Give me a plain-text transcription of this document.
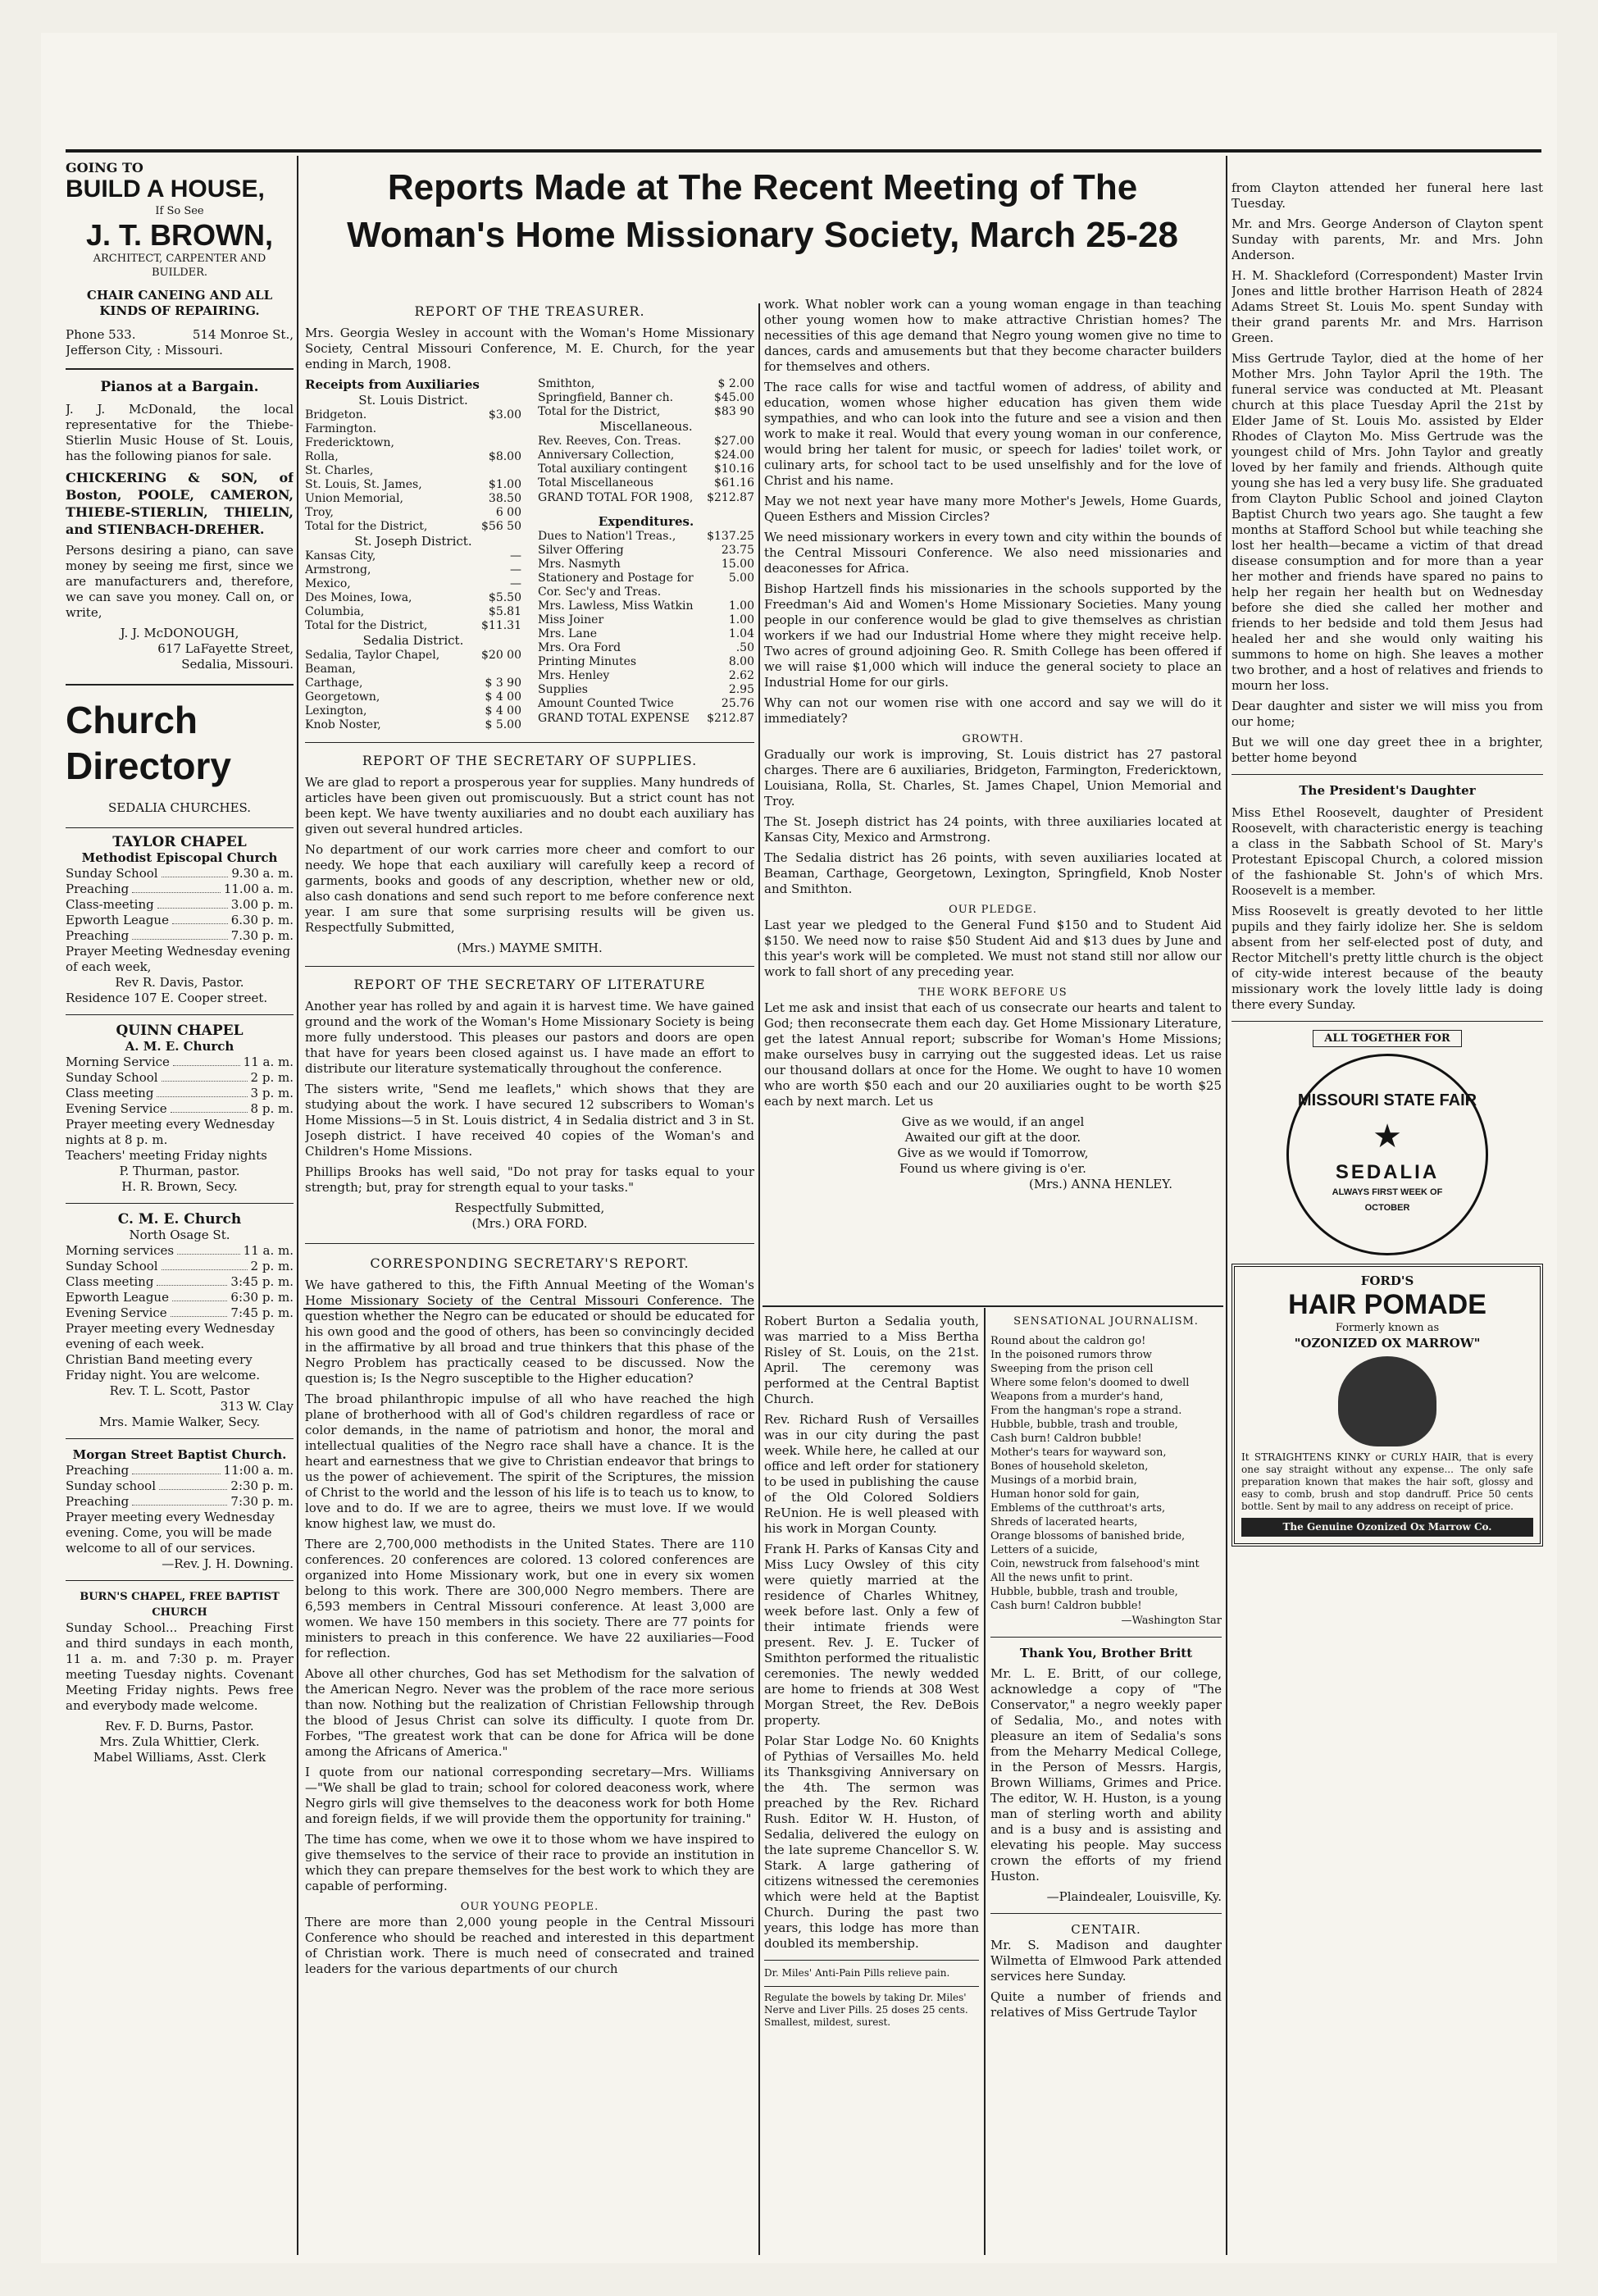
Reports Made at The Recent Meeting of The Woman's Home Missionary Society, March 25-28
GOING TO
BUILD A HOUSE,
If So See
J. T. BROWN,
ARCHITECT, CARPENTER AND BUILDER.
CHAIR CANEING AND ALL KINDS OF REPAIRING.
Phone 533.	514 Monroe St.,
Jefferson City, : Missouri.
Pianos at a Bargain.

J. J. McDonald, the local representative for the Thiebe-Stierlin Music House of St. Louis, has the following pianos for sale.

CHICKERING & SON, of Boston, POOLE, CAMERON, THIEBE-STIERLIN, THIELIN, and STIENBACH-DREHER.

Persons desiring a piano, can save money by seeing me first, since we are manufacturers and, therefore, we can save you money. Call on, or write,

J. J. McDONOUGH,
617 LaFayette Street,
Sedalia, Missouri.
Church
Directory
SEDALIA CHURCHES.
TAYLOR CHAPEL
Methodist Episcopal Church
Sunday School	9.30 a. m.
Preaching	11.00 a. m.
Class-meeting	3.00 p. m.
Epworth League	6.30 p. m.
Preaching	7.30 p. m.
Prayer Meeting Wednesday evening of each week,
Rev R. Davis, Pastor.
Residence 107 E. Cooper street.
QUINN CHAPEL
A. M. E. Church
Morning Service	11 a. m.
Sunday School	2 p. m.
Class meeting	3 p. m.
Evening Service	8 p. m.
Prayer meeting every Wednesday nights at 8 p. m.
Teachers' meeting Friday nights
P. Thurman, pastor.
H. R. Brown, Secy.
C. M. E. Church
North Osage St.
Morning services	11 a. m.
Sunday School	2 p. m.
Class meeting	3:45 p. m.
Epworth League	6:30 p. m.
Evening Service	7:45 p. m.
Prayer meeting every Wednesday evening of each week.
Christian Band meeting every Friday night. You are welcome.
Rev. T. L. Scott, Pastor
313 W. Clay
Mrs. Mamie Walker, Secy.
Morgan Street Baptist Church.
Preaching	11:00 a. m.
Sunday school	2:30 p. m.
Preaching	7:30 p. m.
Prayer meeting every Wednesday evening. Come, you will be made welcome to all of our services.
—Rev. J. H. Downing.
BURN'S CHAPEL, FREE BAPTIST CHURCH

Sunday School... Preaching First and third sundays in each month, 11 a. m. and 7:30 p. m. Prayer meeting Tuesday nights. Covenant Meeting Friday nights. Pews free and everybody made welcome.

Rev. F. D. Burns, Pastor.
Mrs. Zula Whittier, Clerk.
Mabel Williams, Asst. Clerk
REPORT OF THE TREASURER.

Mrs. Georgia Wesley in account with the Woman's Home Missionary Society, Central Missouri Conference, M. E. Church, for the year ending in March, 1908.

Receipts from Auxiliaries
St. Louis District.
Bridgeton.	$3.00
Farmington.	
Fredericktown,	
Rolla,	$8.00
St. Charles,	
St. Louis, St. James,	$1.00
Union Memorial,	38.50
Troy,	6 00
Total for the District,	$56 50
St. Joseph District.
Kansas City,	—
Armstrong,	—
Mexico,	—
Des Moines, Iowa,	$5.50
Columbia,	$5.81
Total for the District,	$11.31
Sedalia District.
Sedalia, Taylor Chapel,	$20 00
Beaman,	
Carthage,	$ 3 90
Georgetown,	$ 4 00
Lexington,	$ 4 00
Knob Noster,	$ 5.00
Smithton,	$ 2.00
Springfield, Banner ch.	$45.00
Total for the District,	$83 90
Miscellaneous.
Rev. Reeves, Con. Treas.	$27.00
Anniversary Collection,	$24.00
Total auxiliary contingent	$10.16
Total Miscellaneous	$61.16
GRAND TOTAL FOR 1908, $212.87
Expenditures.
Dues to Nation'l Treas.,	$137.25
Silver Offering	23.75
Mrs. Nasmyth	15.00
Stationery and Postage for Cor. Sec'y and Treas.	5.00
Mrs. Lawless, Miss Watkin	1.00
Miss Joiner	1.00
Mrs. Lane	1.04
Mrs. Ora Ford	.50
Printing Minutes	8.00
Mrs. Henley	2.62
Supplies	2.95
Amount Counted Twice	25.76
GRAND TOTAL EXPENSE $212.87
REPORT OF THE SECRETARY OF SUPPLIES.

We are glad to report a prosperous year for supplies. Many hundreds of articles have been given out promiscuously. But a strict count has not been kept. We have twenty auxiliaries and no doubt each auxiliary has given out several hundred articles.

No department of our work carries more cheer and comfort to our needy. We hope that each auxiliary will carefully keep a record of garments, books and goods of any description, whether new or old, also cash donations and send such report to me before conference next year. I am sure that some surprising results will be given us. Respectfully Submitted,

(Mrs.) MAYME SMITH.
REPORT OF THE SECRETARY OF LITERATURE

Another year has rolled by and again it is harvest time. We have gained ground and the work of the Woman's Home Missionary Society is being more fully understood. This pleases our pastors and doors are open that have for years been closed against us. I have made an effort to distribute our literature systematically throughout the conference.

The sisters write, "Send me leaflets," which shows that they are studying about the work. I have secured 12 subscribers to Woman's Home Missions—5 in St. Louis district, 4 in Sedalia district and 3 in St. Joseph district. I have received 40 copies of the Woman's and Children's Home Missions.

Phillips Brooks has well said, "Do not pray for tasks equal to your strength; but, pray for strength equal to your tasks."

Respectfully Submitted,
(Mrs.) ORA FORD.
CORRESPONDING SECRETARY'S REPORT.

We have gathered to this, the Fifth Annual Meeting of the Woman's Home Missionary Society of the Central Missouri Conference. The question whether the Negro can be educated or should be educated for his own good and the good of others, has been so convincingly decided in the affirmative by all broad and true thinkers that this phase of the Negro Problem has practically ceased to be discussed. Now the question is; Is the Negro susceptible to the Higher education?

The broad philanthropic impulse of all who have reached the high plane of brotherhood with all of God's children regardless of race or color demands, in the name of patriotism and honor, the moral and intellectual qualities of the Negro race shall have a chance. It is the heart and earnestness that we give to Christian endeavor that brings to us the power of achievement. The spirit of the Scriptures, the mission of Christ to the world and the lesson of his life is to teach us to know, to love and to do. If we are to agree, theirs we must love. If we would know highest law, we must do.

There are 2,700,000 methodists in the United States. There are 110 conferences. 20 conferences are colored. 13 colored conferences are organized into Home Missionary work, but one in every six women belong to this work. There are 300,000 Negro members. There are 6,593 members in Central Missouri conference. At least 3,000 are women. We have 150 members in this society. There are 77 points for ministers to preach in this conference. We have 22 auxiliaries—Food for reflection.

Above all other churches, God has set Methodism for the salvation of the American Negro. Never was the problem of the race more serious than now. Nothing but the realization of Christian Fellowship through the blood of Jesus Christ can solve its difficulty. I quote from Dr. Forbes, "The greatest work that can be done for Africa will be done among the Africans of America."

I quote from our national corresponding secretary—Mrs. Williams—"We shall be glad to train; school for colored deaconess work, where Negro girls will give themselves to the deaconess work for both Home and foreign fields, if we will provide them the opportunity for training."

The time has come, when we owe it to those whom we have inspired to give themselves to the service of their race to provide an institution in which they can prepare themselves for the best work to which they are capable of performing.

OUR YOUNG PEOPLE.

There are more than 2,000 young people in the Central Missouri Conference who should be reached and interested in this department of Christian work. There is much need of consecrated and trained leaders for the various departments of our church

work. What nobler work can a young woman engage in than teaching other young women how to make attractive Christian homes? The necessities of this age demand that Negro young women give no time to dances, cards and amusements but that they become character builders for themselves and others.

The race calls for wise and tactful women of address, of ability and education, women whose higher education has given them wide sympathies, and who can look into the future and see a vision and then work to make it real. Would that every young woman in our conference, would bring her talent for music, or speech for ladies' toilet work, or culinary arts, for school tact to be used unselfishly and for the love of Christ and his name.

May we not next year have many more Mother's Jewels, Home Guards, Queen Esthers and Mission Circles?

We need missionary workers in every town and city within the bounds of the Central Missouri Conference. We also need missionaries and deaconesses for Africa.

Bishop Hartzell finds his missionaries in the schools supported by the Freedman's Aid and Women's Home Missionary Societies. Many young people in our conference would be glad to give themselves as christian workers if we had our Industrial Home where they might receive help. Two acres of ground adjoining Geo. R. Smith College has been offered if we will raise $1,000 which will induce the general society to place an Industrial Home for our girls.

Why can not our women rise with one accord and say we will do it immediately?

GROWTH.

Gradually our work is improving, St. Louis district has 27 pastoral charges. There are 6 auxiliaries, Bridgeton, Farmington, Fredericktown, Louisiana, Rolla, St. Charles, St. James Chapel, Union Memorial and Troy.

The St. Joseph district has 24 points, with three auxiliaries located at Kansas City, Mexico and Armstrong.

The Sedalia district has 26 points, with seven auxiliaries located at Beaman, Carthage, Georgetown, Lexington, Springfield, Knob Noster and Smithton.

OUR PLEDGE.

Last year we pledged to the General Fund $150 and to Student Aid $150. We need now to raise $50 Student Aid and $13 dues by June and this year's work will be completed. We must not stand still nor allow our work to fall short of any preceding year.

THE WORK BEFORE US

Let me ask and insist that each of us consecrate our hearts and talent to God; then reconsecrate them each day. Get Home Missionary Literature, get the latest Annual report; subscribe for Woman's Home Missions; make ourselves busy in carrying out the suggested ideas. Let us raise our thousand dollars at once for the Home. We ought to have 10 women who are worth $50 each and our 20 auxiliaries ought to be worth $25 each by next march. Let us

Give as we would, if an angel
Awaited our gift at the door.
Give as we would if Tomorrow,
Found us where giving is o'er.
(Mrs.) ANNA HENLEY.

Robert Burton a Sedalia youth, was married to a Miss Bertha Risley of St. Louis, on the 21st. April. The ceremony was performed at the Central Baptist Church.

Rev. Richard Rush of Versailles was in our city during the past week. While here, he called at our office and left order for stationery to be used in publishing the cause of the Old Colored Soldiers ReUnion. He is well pleased with his work in Morgan County.

Frank H. Parks of Kansas City and Miss Lucy Owsley of this city were quietly married at the residence of Charles Whitney, week before last. Only a few of their intimate friends were present. Rev. J. E. Tucker of Smithton performed the ritualistic ceremonies. The newly wedded are home to friends at 308 West Morgan Street, the Rev. DeBois property.

Polar Star Lodge No. 60 Knights of Pythias of Versailles Mo. held its Thanksgiving Anniversary on the 4th. The sermon was preached by the Rev. Richard Rush. Editor W. H. Huston, of Sedalia, delivered the eulogy on the late supreme Chancellor S. W. Stark. A large gathering of citizens witnessed the ceremonies which were held at the Baptist Church. During the past two years, this lodge has more than doubled its membership.

Dr. Miles' Anti-Pain Pills relieve pain.
Regulate the bowels by taking Dr. Miles' Nerve and Liver Pills. 25 doses 25 cents. Smallest, mildest, surest.
SENSATIONAL JOURNALISM.
Round about the caldron go!
In the poisoned rumors throw
Sweeping from the prison cell
Where some felon's doomed to dwell
Weapons from a murder's hand,
From the hangman's rope a strand.
Hubble, bubble, trash and trouble,
Cash burn! Caldron bubble!
Mother's tears for wayward son,
Bones of household skeleton,
Musings of a morbid brain,
Human honor sold for gain,
Emblems of the cutthroat's arts,
Shreds of lacerated hearts,
Orange blossoms of banished bride,
Letters of a suicide,
Coin, newstruck from falsehood's mint
All the news unfit to print.
Hubble, bubble, trash and trouble,
Cash burn! Caldron bubble!
—Washington Star
Thank You, Brother Britt

Mr. L. E. Britt, of our college, acknowledge a copy of "The Conservator," a negro weekly paper of Sedalia, Mo., and notes with pleasure an item of Sedalia's sons from the Meharry Medical College, in the Person of Messrs. Hargis, Brown Williams, Grimes and Price. The editor, W. H. Huston, is a young man of sterling worth and ability and is a busy and is assisting and elevating his people. May success crown the efforts of my friend Huston.

—Plaindealer, Louisville, Ky.
CENTAIR.

Mr. S. Madison and daughter Wilmetta of Elmwood Park attended services here Sunday.

Quite a number of friends and relatives of Miss Gertrude Taylor

from Clayton attended her funeral here last Tuesday.

Mr. and Mrs. George Anderson of Clayton spent Sunday with parents, Mr. and Mrs. John Anderson.

H. M. Shackleford (Correspondent) Master Irvin Jones and little brother Harrison Heath of 2824 Adams Street St. Louis Mo. spent Sunday with their grand parents Mr. and Mrs. Harrison Green.

Miss Gertrude Taylor, died at the home of her Mother Mrs. John Taylor April the 19th. The funeral service was conducted at Mt. Pleasant church at this place Tuesday April the 21st by Elder Jame of St. Louis Mo. assisted by Elder Rhodes of Clayton Mo. Miss Gertrude was the youngest child of Mrs. John Taylor and greatly loved by her family and friends. Although quite young she has led a very busy life. She graduated from Clayton Public School and joined Clayton Baptist Church two years ago. She taught a few months at Stafford School but while teaching she lost her health—became a victim of that dread disease consumption and for more than a year her mother and friends have spared no pains to help her regain her health but on Wednesday before she died she called her mother and friends to her bedside and told them Jesus had healed her and she would only waiting his summons to home on high. She leaves a mother two brother, and a host of relatives and friends to mourn her loss.

Dear daughter and sister we will miss you from our home;

But we will one day greet thee in a brighter, better home beyond

The President's Daughter

Miss Ethel Roosevelt, daughter of President Roosevelt, with characteristic energy is teaching a class in the Sabbath School of St. Mary's Protestant Episcopal Church, a colored mission of the fashionable St. John's of which Mrs. Roosevelt is a member.

Miss Roosevelt is greatly devoted to her little pupils and they fairly idolize her. She is seldom absent from her self-elected post of duty, and Rector Mitchell's pretty little church is the object of city-wide interest because of the beauty missionary work the lovely little lady is doing there every Sunday.

ALL TOGETHER FOR
MISSOURI STATE FAIR
★
SEDALIA
ALWAYS FIRST WEEK OF OCTOBER
FORD'S
HAIR POMADE
Formerly known as
"OZONIZED OX MARROW"

It STRAIGHTENS KINKY or CURLY HAIR, that is every one say straight without any expense... The only safe preparation known that makes the hair soft, glossy and easy to comb, brush and stop dandruff. Price 50 cents bottle. Sent by mail to any address on receipt of price.

The Genuine Ozonized Ox Marrow Co.
